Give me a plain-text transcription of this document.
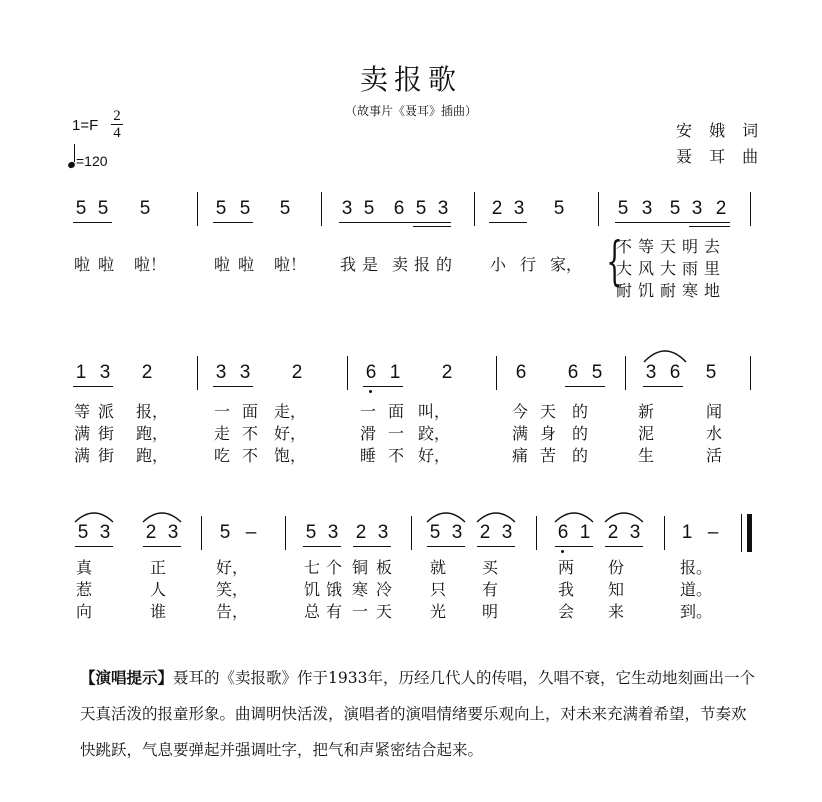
卖报歌
（故事片《聂耳》插曲）
1=F
2
4
=120
安 娥 词
聂 耳 曲
5 5 5	5 5 5	3 5 6 5 3 2 3 5	5 3 5 3 2
啦 啦 啦！	啦 啦 啦！ 我 是 卖 报 的 小 行 家， {
不等天明去
大风大雨里
耐饥耐寒地
1 3 2	3 3 2	6 1 2	6 6 5 3 6 5
等 派 报，	一 面 走，	一 面 叫，	今 天 的	新	闻
满 街 跑，	走 不 好，	滑 一 跤，	满 身 的	泥	水
满 街 跑，	吃 不 饱，	睡 不 好，	痛 苦 的	生	活
5 3 2 3 5 –	5 3 2 3 5 3 2 3 6 1 2 3 1 –
真	正	好，	七 个 铜 板 就 买	两 份	报。
惹	人	笑，	饥 饿 寒 冷 只 有	我 知	道。
向	谁	告，	总 有 一 天 光 明	会 来	到。
【演唱提示】聂耳的《卖报歌》作于1933年，历经几代人的传唱，久唱不衰，它生动地刻画出一个天真活泼的报童形象。曲调明快活泼，演唱者的演唱情绪要乐观向上，对未来充满着希望，节奏欢快跳跃，气息要弹起并强调吐字，把气和声紧密结合起来。
